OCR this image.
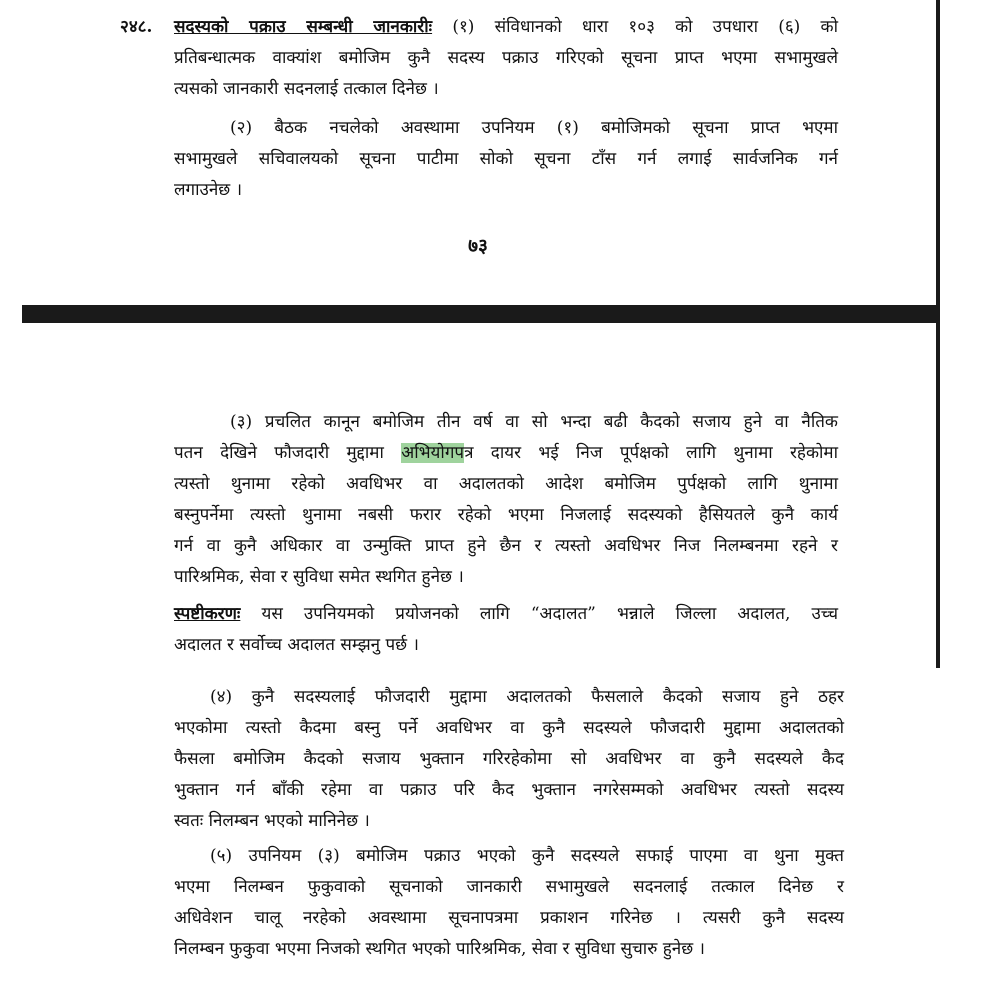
२४८. सदस्यको पक्राउ सम्बन्धी जानकारीः (१) संविधानको धारा १०३ को उपधारा (६) को
प्रतिबन्धात्मक वाक्यांश बमोजिम कुनै सदस्य पक्राउ गरिएको सूचना प्राप्त भएमा सभामुखले
त्यसको जानकारी सदनलाई तत्काल दिनेछ ।
(२) बैठक नचलेको अवस्थामा उपनियम (१) बमोजिमको सूचना प्राप्त भएमा
सभामुखले सचिवालयको सूचना पाटीमा सोको सूचना टाँस गर्न लगाई सार्वजनिक गर्न
लगाउनेछ ।
७३
(३) प्रचलित कानून बमोजिम तीन वर्ष वा सो भन्दा बढी कैदको सजाय हुने वा नैतिक
पतन देखिने फौजदारी मुद्दामा अभियोगपत्र दायर भई निज पूर्पक्षको लागि थुनामा रहेकोमा
त्यस्तो थुनामा रहेको अवधिभर वा अदालतको आदेश बमोजिम पुर्पक्षको लागि थुनामा
बस्नुपर्नेमा त्यस्तो थुनामा नबसी फरार रहेको भएमा निजलाई सदस्यको हैसियतले कुनै कार्य
गर्न वा कुनै अधिकार वा उन्मुक्ति प्राप्त हुने छैन र त्यस्तो अवधिभर निज निलम्बनमा रहने र
पारिश्रमिक, सेवा र सुविधा समेत स्थगित हुनेछ ।
स्पष्टीकरणः यस उपनियमको प्रयोजनको लागि “अदालत” भन्नाले जिल्ला अदालत, उच्च
अदालत र सर्वोच्च अदालत सम्झनु पर्छ ।
(४) कुनै सदस्यलाई फौजदारी मुद्दामा अदालतको फैसलाले कैदको सजाय हुने ठहर
भएकोमा त्यस्तो कैदमा बस्नु पर्ने अवधिभर वा कुनै सदस्यले फौजदारी मुद्दामा अदालतको
फैसला बमोजिम कैदको सजाय भुक्तान गरिरहेकोमा सो अवधिभर वा कुनै सदस्यले कैद
भुक्तान गर्न बाँकी रहेमा वा पक्राउ परि कैद भुक्तान नगरेसम्मको अवधिभर त्यस्तो सदस्य
स्वतः निलम्बन भएको मानिनेछ ।
(५) उपनियम (३) बमोजिम पक्राउ भएको कुनै सदस्यले सफाई पाएमा वा थुना मुक्त
भएमा निलम्बन फुकुवाको सूचनाको जानकारी सभामुखले सदनलाई तत्काल दिनेछ र
अधिवेशन चालू नरहेको अवस्थामा सूचनापत्रमा प्रकाशन गरिनेछ । त्यसरी कुनै सदस्य
निलम्बन फुकुवा भएमा निजको स्थगित भएको पारिश्रमिक, सेवा र सुविधा सुचारु हुनेछ ।
